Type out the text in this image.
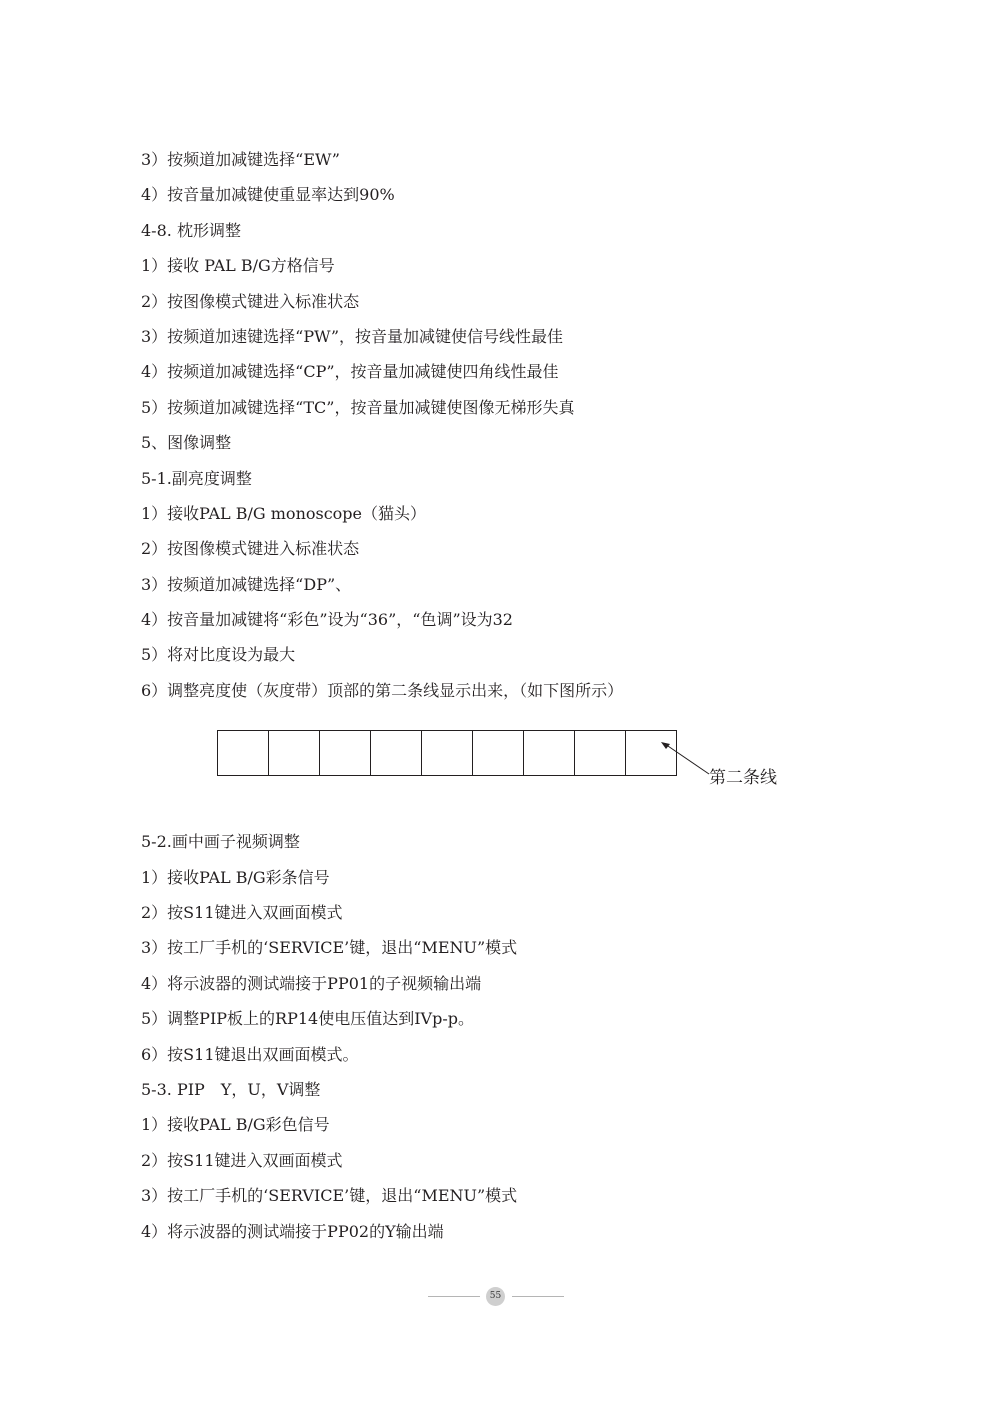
3）按频道加减键选择“EW”
4）按音量加减键使重显率达到90%
4-8. 枕形调整
1）接收 PAL B/G方格信号
2）按图像模式键进入标准状态
3）按频道加速键选择“PW”，按音量加减键使信号线性最佳
4）按频道加减键选择“CP”，按音量加减键使四角线性最佳
5）按频道加减键选择“TC”，按音量加减键使图像无梯形失真
5、图像调整
5-1.副亮度调整
1）接收PAL B/G monoscope（猫头）
2）按图像模式键进入标准状态
3）按频道加减键选择“DP”、
4）按音量加减键将“彩色”设为“36”，“色调”设为32
5）将对比度设为最大
6）调整亮度使（灰度带）顶部的第二条线显示出来，（如下图所示）
第二条线
5-2.画中画子视频调整
1）接收PAL B/G彩条信号
2）按S11键进入双画面模式
3）按工厂手机的‘SERVICE’键，退出“MENU”模式
4）将示波器的测试端接于PP01的子视频输出端
5）调整PIP板上的RP14使电压值达到IVp-p。
6）按S11键退出双画面模式。
5-3. PIP　Y，U，V调整
1）接收PAL B/G彩色信号
2）按S11键进入双画面模式
3）按工厂手机的‘SERVICE’键，退出“MENU”模式
4）将示波器的测试端接于PP02的Y输出端
55
